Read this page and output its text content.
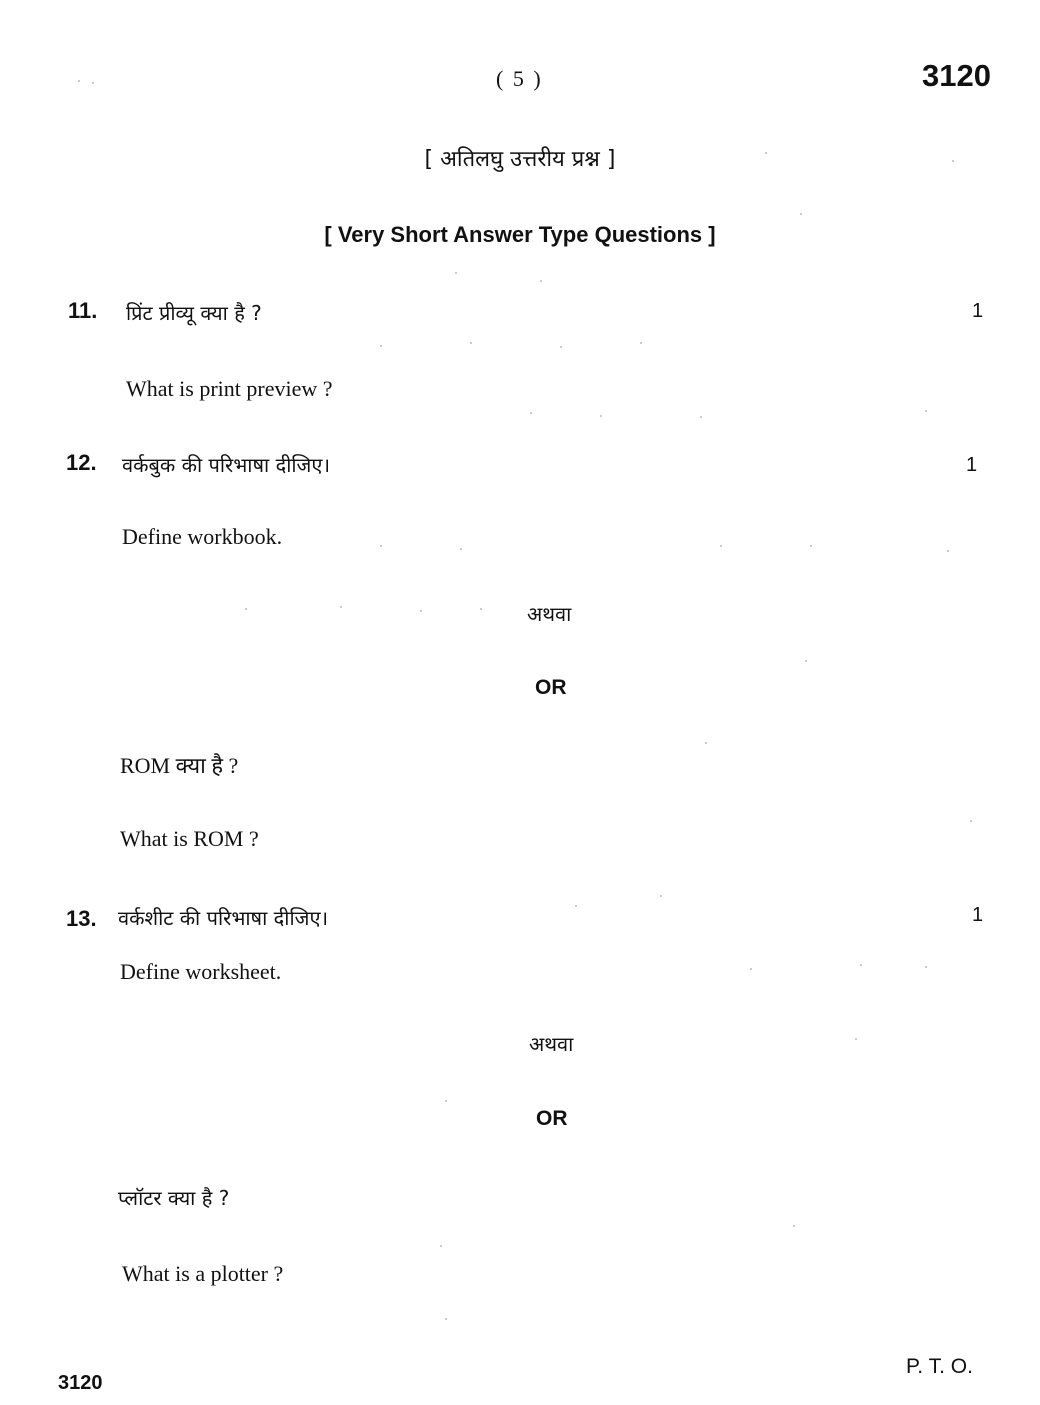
( 5 )	3120
[ अतिलघु उत्तरीय प्रश्न ]
[ Very Short Answer Type Questions ]
11. प्रिंट प्रीव्यू क्या है ?	1
What is print preview ?
12. वर्कबुक की परिभाषा दीजिए।	1
Define workbook.
अथवा
OR
ROM क्या है ?
What is ROM ?
13. वर्कशीट की परिभाषा दीजिए।	1
Define worksheet.
अथवा
OR
प्लॉटर क्या है ?
What is a plotter ?
3120
P. T. O.
